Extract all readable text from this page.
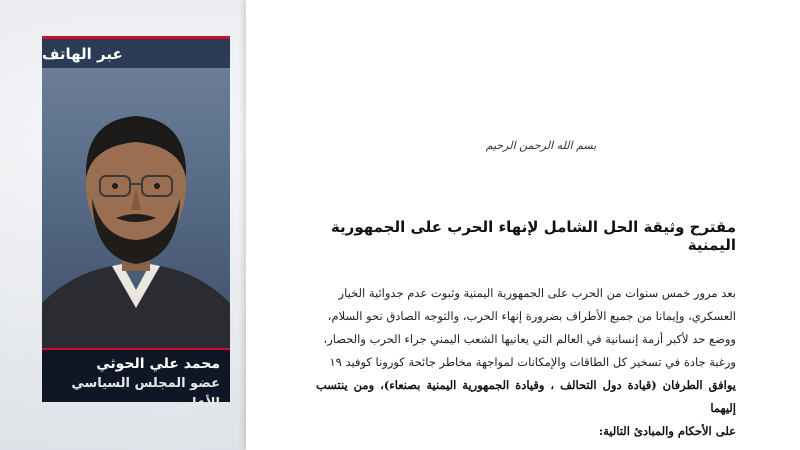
عبر الهاتف
محمد علي الحوثي
عضو المجلس السياسي الأعلى
بسم الله الرحمن الرحيم
مقترح وثيقة الحل الشامل لإنهاء الحرب على الجمهورية اليمنية

بعد مرور خمس سنوات من الحرب على الجمهورية اليمنية وثبوت عدم جدوائية الخيار

العسكري، وإيمانا من جميع الأطراف بضرورة إنهاء الحرب، والتوجه الصادق نحو السلام،

ووضع حد لأكبر أزمة إنسانية في العالم التي يعانيها الشعب اليمني جراء الحرب والحصار،

ورغبة جادة في تسخير كل الطاقات والإمكانات لمواجهة مخاطر جائحة كورونا كوفيد ١٩

يوافق الطرفان (قيادة دول التحالف ، وقيادة الجمهورية اليمنية بصنعاء)، ومن ينتسب إليهما

على الأحكام والمبادئ التالية:
